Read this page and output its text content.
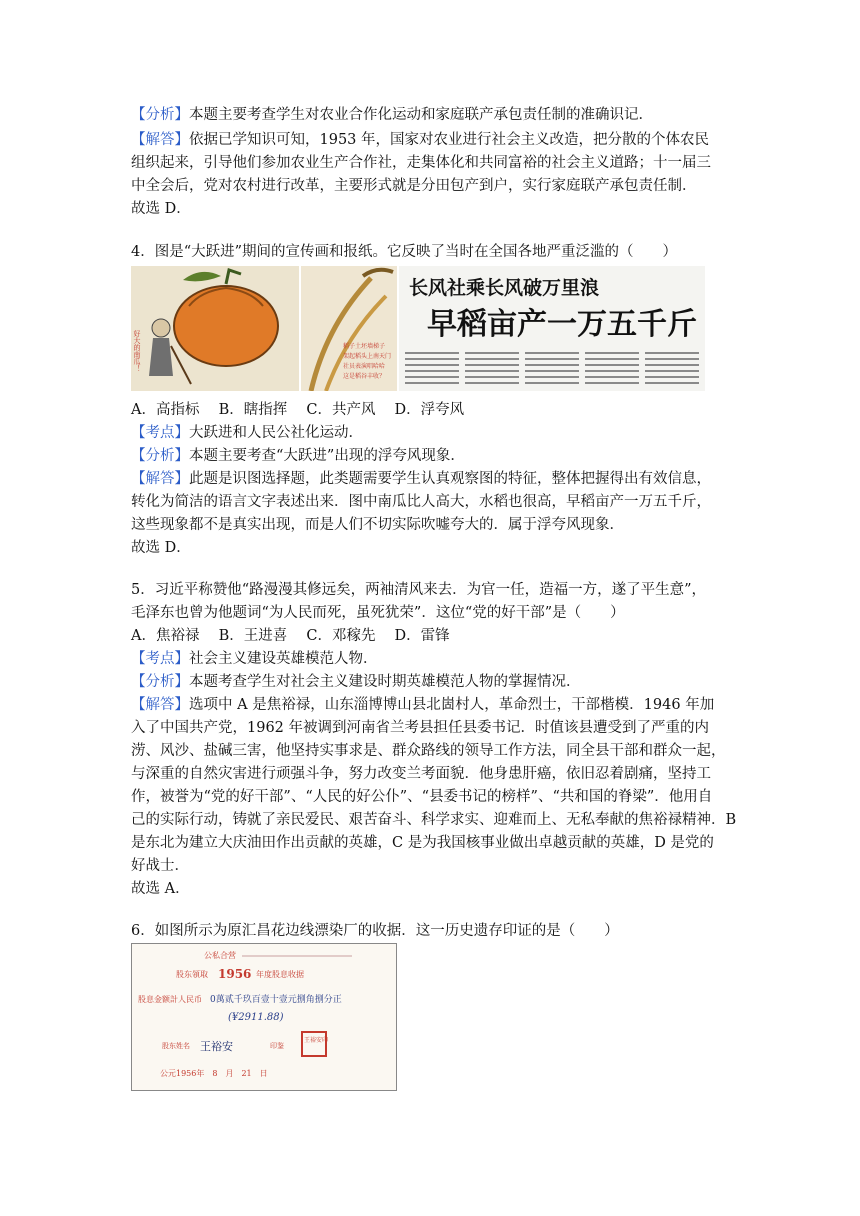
【分析】本题主要考查学生对农业合作化运动和家庭联产承包责任制的准确识记．
【解答】依据已学知识可知，1953 年，国家对农业进行社会主义改造，把分散的个体农民
组织起来，引导他们参加农业生产合作社，走集体化和共同富裕的社会主义道路；十一届三
中全会后，党对农村进行改革，主要形式就是分田包产到户，实行家庭联产承包责任制．
故选 D．
4．图是“大跃进”期间的宣传画和报纸。它反映了当时在全国各地严重泛滥的（　　）
好大的南瓜！	稻子土坯墙梯子
架起稻头上南天门
社员表演唱哈哈
这是稻谷丰收？
长风社乘长风破万里浪
早稻亩产一万五千斤
A．高指标　 B．瞎指挥　 C．共产风　 D．浮夸风
【考点】大跃进和人民公社化运动．
【分析】本题主要考查“大跃进”出现的浮夸风现象．
【解答】此题是识图选择题，此类题需要学生认真观察图的特征，整体把握得出有效信息，
转化为简洁的语言文字表述出来．图中南瓜比人高大，水稻也很高，早稻亩产一万五千斤，
这些现象都不是真实出现，而是人们不切实际吹嘘夸大的．属于浮夸风现象．
故选 D．
5．习近平称赞他“路漫漫其修远矣，两袖清风来去．为官一任，造福一方，遂了平生意”，
毛泽东也曾为他题词“为人民而死，虽死犹荣”．这位“党的好干部”是（　　）
A．焦裕禄　 B．王进喜　 C．邓稼先　 D．雷锋
【考点】社会主义建设英雄模范人物．
【分析】本题考查学生对社会主义建设时期英雄模范人物的掌握情况．
【解答】选项中 A 是焦裕禄，山东淄博博山县北崮村人，革命烈士，干部楷模．1946 年加
入了中国共产党，1962 年被调到河南省兰考县担任县委书记．时值该县遭受到了严重的内
涝、风沙、盐碱三害，他坚持实事求是、群众路线的领导工作方法，同全县干部和群众一起，
与深重的自然灾害进行顽强斗争，努力改变兰考面貌．他身患肝癌，依旧忍着剧痛，坚持工
作，被誉为“党的好干部”、“人民的好公仆”、“县委书记的榜样”、“共和国的脊梁”．他用自
己的实际行动，铸就了亲民爱民、艰苦奋斗、科学求实、迎难而上、无私奉献的焦裕禄精神．B
是东北为建立大庆油田作出贡献的英雄，C 是为我国核事业做出卓越贡献的英雄，D 是党的
好战士．
故选 A．
6．如图所示为原汇昌花边线漂染厂的收据．这一历史遗存印证的是（　　）
公私合营
股东領取 1956 年度股息收据
股息金额計人民币 0萬贰千玖百壹十壹元捌角捌分正
(¥2911.88)
股东姓名 王裕安	印鉴
王裕安印
公元1956年　8　月　21　日
